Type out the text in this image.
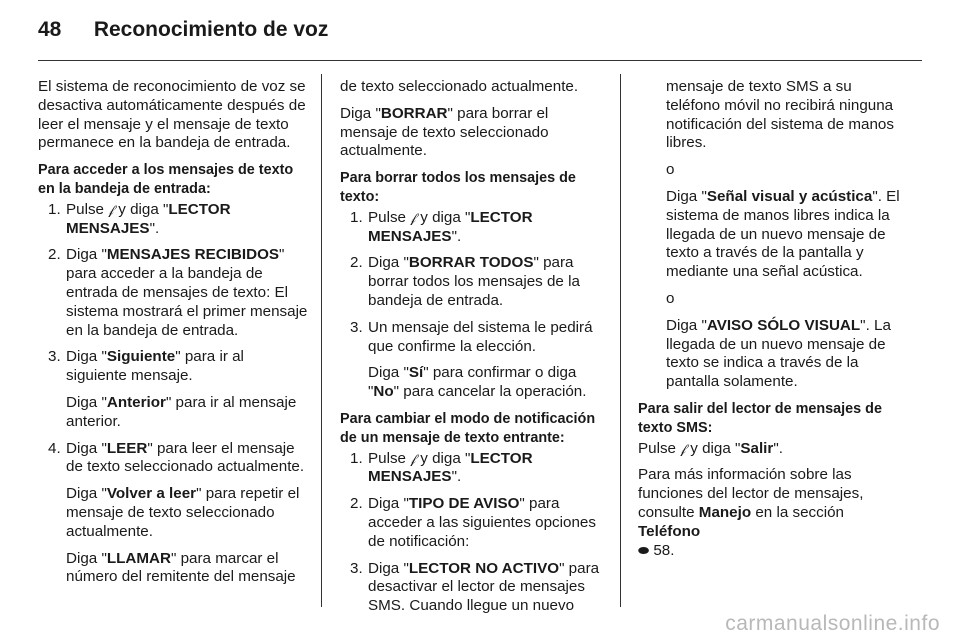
48 Reconocimiento de voz

El sistema de reconocimiento de voz se desactiva automáticamente después de leer el mensaje y el mensaje de texto permanece en la bandeja de entrada.

Para acceder a los mensajes de texto en la bandeja de entrada:
1. Pulse 𝒻 y diga "LECTOR MENSAJES".
2. Diga "MENSAJES RECIBIDOS" para acceder a la bandeja de entrada de mensajes de texto: El sistema mostrará el primer mensaje en la bandeja de entrada.
3. Diga "Siguiente" para ir al siguiente mensaje.

Diga "Anterior" para ir al mensaje anterior.

4. Diga "LEER" para leer el mensaje de texto seleccionado actualmente.

Diga "Volver a leer" para repetir el mensaje de texto seleccionado actualmente.

Diga "LLAMAR" para marcar el número del remitente del mensaje

de texto seleccionado actualmente.

Diga "BORRAR" para borrar el mensaje de texto seleccionado actualmente.

Para borrar todos los mensajes de texto:
1. Pulse 𝒻 y diga "LECTOR MENSAJES".
2. Diga "BORRAR TODOS" para borrar todos los mensajes de la bandeja de entrada.
3. Un mensaje del sistema le pedirá que confirme la elección.

Diga "Sí" para confirmar o diga "No" para cancelar la operación.

Para cambiar el modo de notificación de un mensaje de texto entrante:
1. Pulse 𝒻 y diga "LECTOR MENSAJES".
2. Diga "TIPO DE AVISO" para acceder a las siguientes opciones de notificación:
3. Diga "LECTOR NO ACTIVO" para desactivar el lector de mensajes SMS. Cuando llegue un nuevo

mensaje de texto SMS a su teléfono móvil no recibirá ninguna notificación del sistema de manos libres.

o

Diga "Señal visual y acústica". El sistema de manos libres indica la llegada de un nuevo mensaje de texto a través de la pantalla y mediante una señal acústica.

o

Diga "AVISO SÓLO VISUAL". La llegada de un nuevo mensaje de texto se indica a través de la pantalla solamente.

Para salir del lector de mensajes de texto SMS:

Pulse 𝒻 y diga "Salir".

Para más información sobre las funciones del lector de mensajes, consulte Manejo en la sección Teléfono
⬬ 58.

carmanualsonline.info
